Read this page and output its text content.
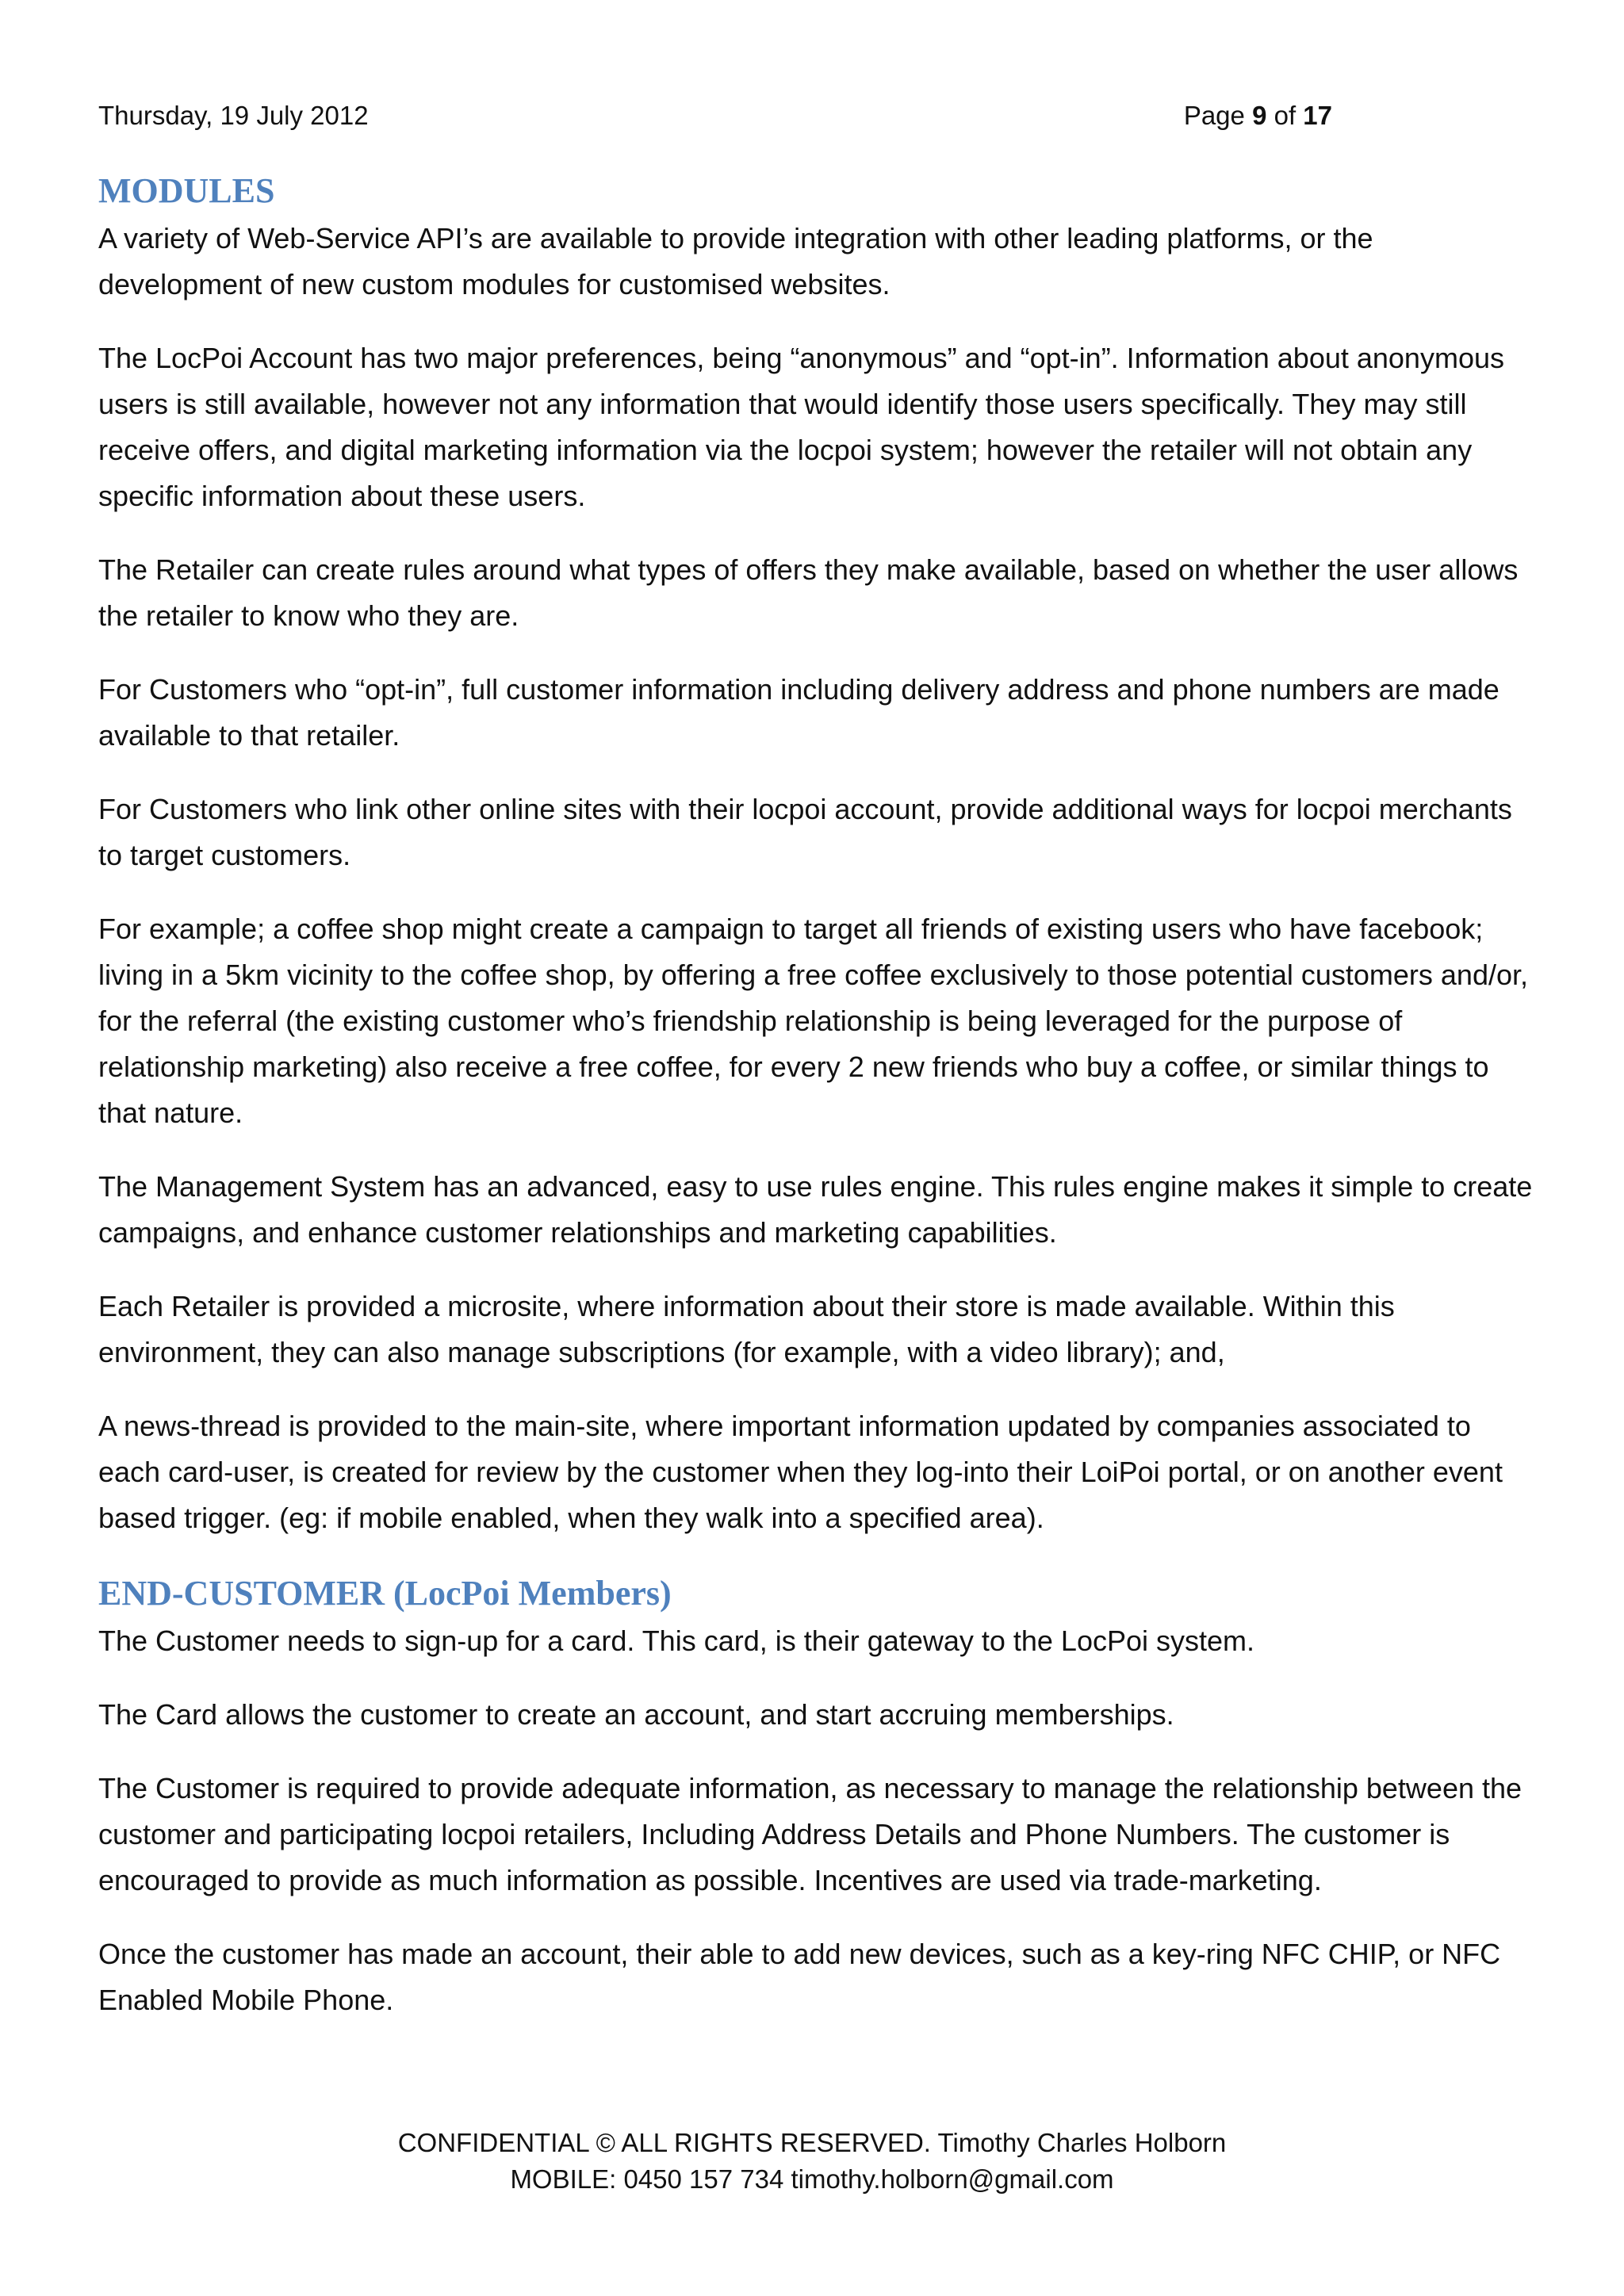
Thursday, 19 July 2012	Page 9 of 17
MODULES

A variety of Web-Service API’s are available to provide integration with other leading platforms, or the development of new custom modules for customised websites.

The LocPoi Account has two major preferences, being “anonymous” and “opt-in”. Information about anonymous users is still available, however not any information that would identify those users specifically. They may still receive offers, and digital marketing information via the locpoi system; however the retailer will not obtain any specific information about these users.

The Retailer can create rules around what types of offers they make available, based on whether the user allows the retailer to know who they are.

For Customers who “opt-in”, full customer information including delivery address and phone numbers are made available to that retailer.

For Customers who link other online sites with their locpoi account, provide additional ways for locpoi merchants to target customers.

For example; a coffee shop might create a campaign to target all friends of existing users who have facebook; living in a 5km vicinity to the coffee shop, by offering a free coffee exclusively to those potential customers and/or, for the referral (the existing customer who’s friendship relationship is being leveraged for the purpose of relationship marketing) also receive a free coffee, for every 2 new friends who buy a coffee, or similar things to that nature.

The Management System has an advanced, easy to use rules engine. This rules engine makes it simple to create campaigns, and enhance customer relationships and marketing capabilities.

Each Retailer is provided a microsite, where information about their store is made available. Within this environment, they can also manage subscriptions (for example, with a video library); and,

A news-thread is provided to the main-site, where important information updated by companies associated to each card-user, is created for review by the customer when they log-into their LoiPoi portal, or on another event based trigger. (eg: if mobile enabled, when they walk into a specified area).

END-CUSTOMER (LocPoi Members)

The Customer needs to sign-up for a card. This card, is their gateway to the LocPoi system.

The Card allows the customer to create an account, and start accruing memberships.

The Customer is required to provide adequate information, as necessary to manage the relationship between the customer and participating locpoi retailers, Including Address Details and Phone Numbers. The customer is encouraged to provide as much information as possible. Incentives are used via trade-marketing.

Once the customer has made an account, their able to add new devices, such as a key-ring NFC CHIP, or NFC Enabled Mobile Phone.

CONFIDENTIAL © ALL RIGHTS RESERVED. Timothy Charles Holborn
MOBILE: 0450 157 734 timothy.holborn@gmail.com
